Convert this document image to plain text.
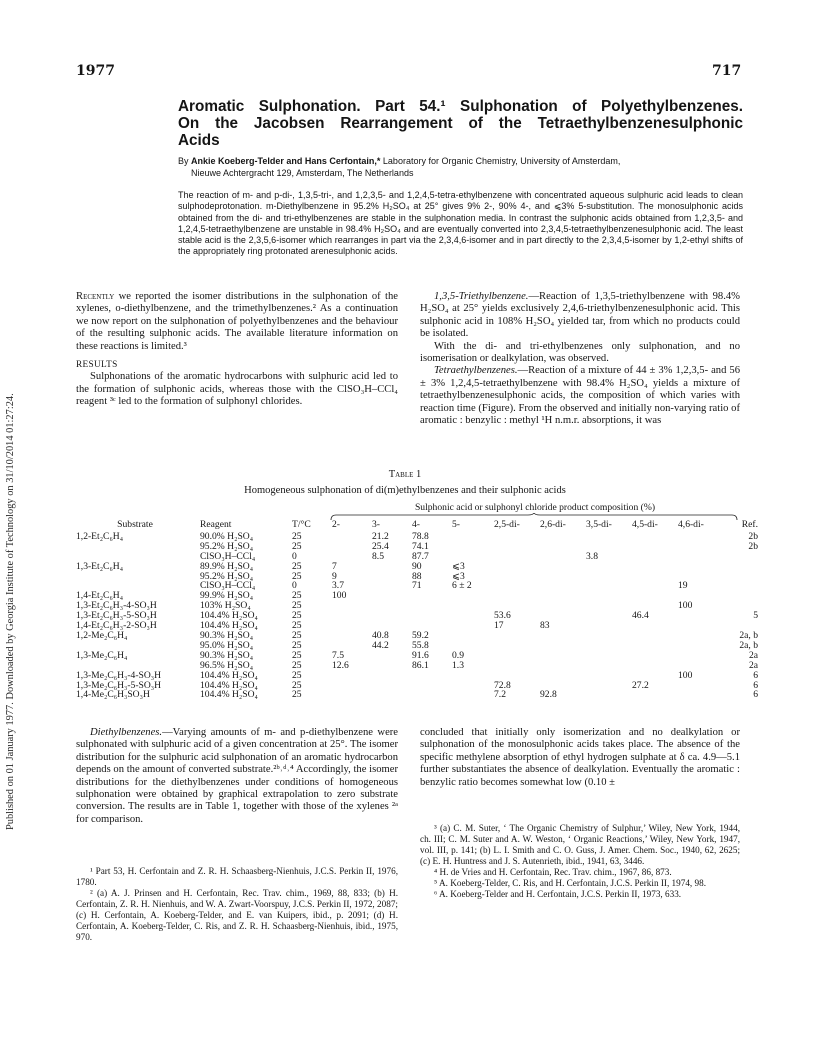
Published on 01 January 1977. Downloaded by Georgia Institute of Technology on 31/10/2014 01:27:24.
1977	717
Aromatic Sulphonation. Part 54.¹ Sulphonation of Polyethylbenzenes.
On the Jacobsen Rearrangement of the Tetraethylbenzenesulphonic
Acids
By Ankie Koeberg-Telder and Hans Cerfontain,* Laboratory for Organic Chemistry, University of Amsterdam,
Nieuwe Achtergracht 129, Amsterdam, The Netherlands
The reaction of m- and p-di-, 1,3,5-tri-, and 1,2,3,5- and 1,2,4,5-tetra-ethylbenzene with concentrated aqueous sulphuric acid leads to clean sulphodeprotonation. m-Diethylbenzene in 95.2% H₂SO₄ at 25° gives 9% 2-, 90% 4-, and ⩽3% 5-substitution. The monosulphonic acids obtained from the di- and tri-ethylbenzenes are stable in the sulphonation media. In contrast the sulphonic acids obtained from 1,2,3,5- and 1,2,4,5-tetraethylbenzene are unstable in 98.4% H₂SO₄ and are eventually converted into 2,3,4,5-tetraethylbenzenesulphonic acid. The least stable acid is the 2,3,5,6-isomer which rearranges in part via the 2,3,4,6-isomer and in part directly to the 2,3,4,5-isomer by 1,2-ethyl shifts of the appropriately ring protonated arenesulphonic acids.

Recently we reported the isomer distributions in the sulphonation of the xylenes, o-diethylbenzene, and the trimethylbenzenes.² As a continuation we now report on the sulphonation of polyethylbenzenes and the behaviour of the resulting sulphonic acids. The available literature information on these reactions is limited.³

RESULTS

Sulphonations of the aromatic hydrocarbons with sulphuric acid led to the formation of sulphonic acids, whereas those with the ClSO₃H–CCl₄ reagent ³ᶜ led to the formation of sulphonyl chlorides.

1,3,5-Triethylbenzene.—Reaction of 1,3,5-triethylbenzene with 98.4% H₂SO₄ at 25° yields exclusively 2,4,6-triethylbenzenesulphonic acid. This sulphonic acid in 108% H₂SO₄ yielded tar, from which no products could be isolated.

With the di- and tri-ethylbenzenes only sulphonation, and no isomerisation or dealkylation, was observed.

Tetraethylbenzenes.—Reaction of a mixture of 44 ± 3% 1,2,3,5- and 56 ± 3% 1,2,4,5-tetraethylbenzene with 98.4% H₂SO₄ yields a mixture of tetraethylbenzenesulphonic acids, the composition of which varies with reaction time (Figure). From the observed and initially non-varying ratio of aromatic : benzylic : methyl ¹H n.m.r. absorptions, it was

Table 1
Homogeneous sulphonation of di(m)ethylbenzenes and their sulphonic acids
Sulphonic acid or sulphonyl chloride product composition (%)
Substrate	Reagent	T/°C	2-	3-	4-	5-	2,5-di-	2,6-di-	3,5-di-	4,5-di-	4,6-di-	Ref.
1,2-Et₂C₆H₄	90.0% H₂SO₄	25		21.2	78.8							2b
	95.2% H₂SO₄	25		25.4	74.1							2b
	ClSO₃H–CCl₄	0		8.5	87.7				3.8			
1,3-Et₂C₆H₄	89.9% H₂SO₄	25	7		90	⩽3						
	95.2% H₂SO₄	25	9		88	⩽3						
	ClSO₃H–CCl₄	0	3.7		71	6 ± 2					19	
1,4-Et₂C₆H₄	99.9% H₂SO₄	25	100									
1,3-Et₂C₆H₃-4-SO₃H	103% H₂SO₄	25									100	
1,3-Et₂C₆H₃-5-SO₃H	104.4% H₂SO₄	25					53.6			46.4		5
1,4-Et₂C₆H₃-2-SO₃H	104.4% H₂SO₄	25					17	83				
1,2-Me₂C₆H₄	90.3% H₂SO₄	25		40.8	59.2							2a, b
	95.0% H₂SO₄	25		44.2	55.8							2a, b
1,3-Me₂C₆H₄	90.3% H₂SO₄	25	7.5		91.6	0.9						2a
	96.5% H₂SO₄	25	12.6		86.1	1.3						2a
1,3-Me₂C₆H₃-4-SO₃H	104.4% H₂SO₄	25									100	6
1,3-Me₂C₆H₃-5-SO₃H	104.4% H₂SO₄	25					72.8			27.2		6
1,4-Me₂C₆H₃SO₃H	104.4% H₂SO₄	25					7.2	92.8				6

Diethylbenzenes.—Varying amounts of m- and p-diethylbenzene were sulphonated with sulphuric acid of a given concentration at 25°. The isomer distribution for the sulphuric acid sulphonation of an aromatic hydrocarbon depends on the amount of converted substrate.²ᵇ˒ᵈ˒⁴ Accordingly, the isomer distributions for the diethylbenzenes under conditions of homogeneous sulphonation were obtained by graphical extrapolation to zero substrate conversion. The results are in Table 1, together with those of the xylenes ²ᵃ for comparison.

¹ Part 53, H. Cerfontain and Z. R. H. Schaasberg-Nienhuis, J.C.S. Perkin II, 1976, 1780.

² (a) A. J. Prinsen and H. Cerfontain, Rec. Trav. chim., 1969, 88, 833; (b) H. Cerfontain, Z. R. H. Nienhuis, and W. A. Zwart-Voorspuy, J.C.S. Perkin II, 1972, 2087; (c) H. Cerfontain, A. Koeberg-Telder, and E. van Kuipers, ibid., p. 2091; (d) H. Cerfontain, A. Koeberg-Telder, C. Ris, and Z. R. H. Schaasberg-Nienhuis, ibid., 1975, 970.

concluded that initially only isomerization and no dealkylation or sulphonation of the monosulphonic acids takes place. The absence of the specific methylene absorption of ethyl hydrogen sulphate at δ ca. 4.9—5.1 further substantiates the absence of dealkylation. Eventually the aromatic : benzylic ratio becomes somewhat low (0.10 ±

³ (a) C. M. Suter, ‘ The Organic Chemistry of Sulphur,’ Wiley, New York, 1944, ch. III; C. M. Suter and A. W. Weston, ‘ Organic Reactions,’ Wiley, New York, 1947, vol. III, p. 141; (b) L. I. Smith and C. O. Guss, J. Amer. Chem. Soc., 1940, 62, 2625; (c) E. H. Huntress and J. S. Autenrieth, ibid., 1941, 63, 3446.

⁴ H. de Vries and H. Cerfontain, Rec. Trav. chim., 1967, 86, 873.

⁵ A. Koeberg-Telder, C. Ris, and H. Cerfontain, J.C.S. Perkin II, 1974, 98.

⁶ A. Koeberg-Telder and H. Cerfontain, J.C.S. Perkin II, 1973, 633.
